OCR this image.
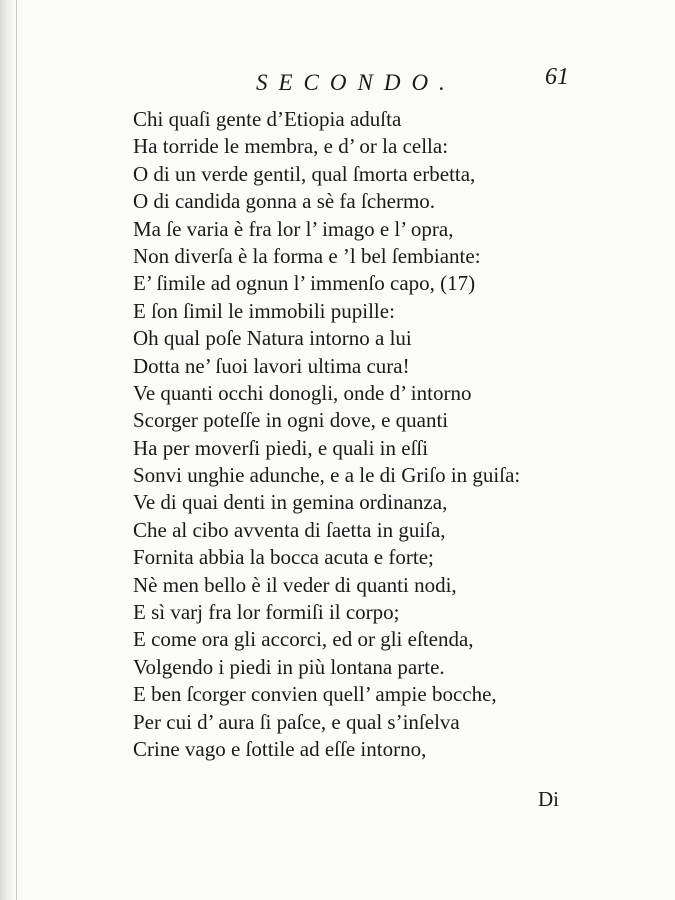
SECONDO.	61
Chi quaſi gente d’Etiopia aduſta
Ha torride le membra, e d’ or la cella:
O di un verde gentil, qual ſmorta erbetta,
O di candida gonna a sè fa ſchermo.
Ma ſe varia è fra lor l’ imago e l’ opra,
Non diverſa è la forma e ’l bel ſembiante:
E’ ſimile ad ognun l’ immenſo capo, (17)
E ſon ſimil le immobili pupille:
Oh qual poſe Natura intorno a lui
Dotta ne’ ſuoi lavori ultima cura!
Ve quanti occhi donogli, onde d’ intorno
Scorger poteſſe in ogni dove, e quanti
Ha per moverſi piedi, e quali in eſſi
Sonvi unghie adunche, e a le di Griſo in guiſa:
Ve di quai denti in gemina ordinanza,
Che al cibo avventa di ſaetta in guiſa,
Fornita abbia la bocca acuta e forte;
Nè men bello è il veder di quanti nodi,
E sì varj fra lor formiſi il corpo;
E come ora gli accorci, ed or gli eſtenda,
Volgendo i piedi in più lontana parte.
E ben ſcorger convien quell’ ampie bocche,
Per cui d’ aura ſi paſce, e qual s’inſelva
Crine vago e ſottile ad eſſe intorno,
Di
